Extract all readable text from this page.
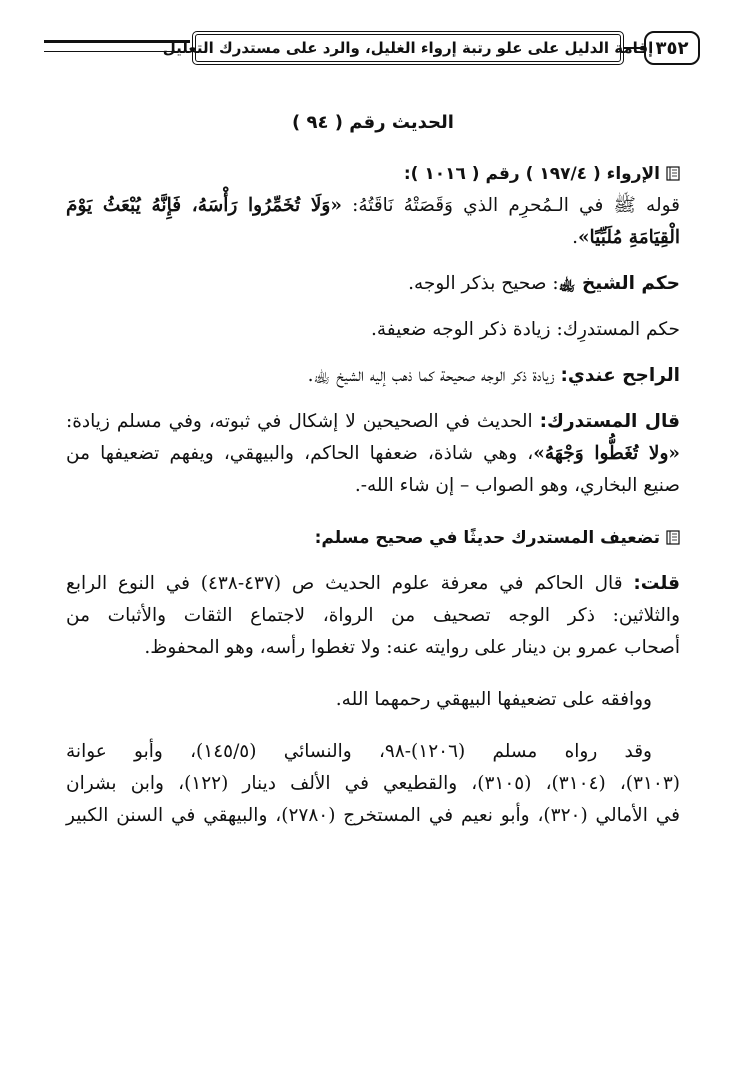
إقامة الدليل على علو رتبة إرواء الغليل، والرد على مستدرك التعليل ٣٥٢
الحديث رقم ( ٩٤ )
الإرواء ( ١٩٧/٤ ) رقم ( ١٠١٦ ):
قوله ﷺ في الـمُحرِم الذي وَقَصَتْهُ نَاقَتُهُ: «وَلَا تُخَمِّرُوا رَأْسَهُ، فَإِنَّهُ يُبْعَثُ يَوْمَ
الْقِيَامَةِ مُلَبِّيًا».
حكم الشيخ ﵀: صحيح بذكر الوجه.
حكم المستدرِك: زيادة ذكر الوجه ضعيفة.
الراجح عندي: زيادة ذكر الوجه صحيحة كما ذهب إليه الشيخ ﵀.
قال المستدرك: الحديث في الصحيحين لا إشكال في ثبوته، وفي مسلم زيادة:
«ولا تُغَطُّوا وَجْهَهُ»، وهي شاذة، ضعفها الحاكم، والبيهقي، ويفهم تضعيفها من
صنيع البخاري، وهو الصواب – إن شاء الله-.
تضعيف المستدرك حديثًا في صحيح مسلم:
قلت: قال الحاكم في معرفة علوم الحديث ص (٤٣٧-٤٣٨) في النوع الرابع
والثلاثين: ذكر الوجه تصحيف من الرواة، لاجتماع الثقات والأثبات من
أصحاب عمرو بن دينار على روايته عنه: ولا تغطوا رأسه، وهو المحفوظ.
ووافقه على تضعيفها البيهقي رحمهما الله.
وقد رواه مسلم (١٢٠٦)-٩٨، والنسائي (١٤٥/٥)، وأبو عوانة
(٣١٠٣)، (٣١٠٤)، (٣١٠٥)، والقطيعي في الألف دينار (١٢٢)، وابن بشران
في الأمالي (٣٢٠)، وأبو نعيم في المستخرج (٢٧٨٠)، والبيهقي في السنن الكبير
